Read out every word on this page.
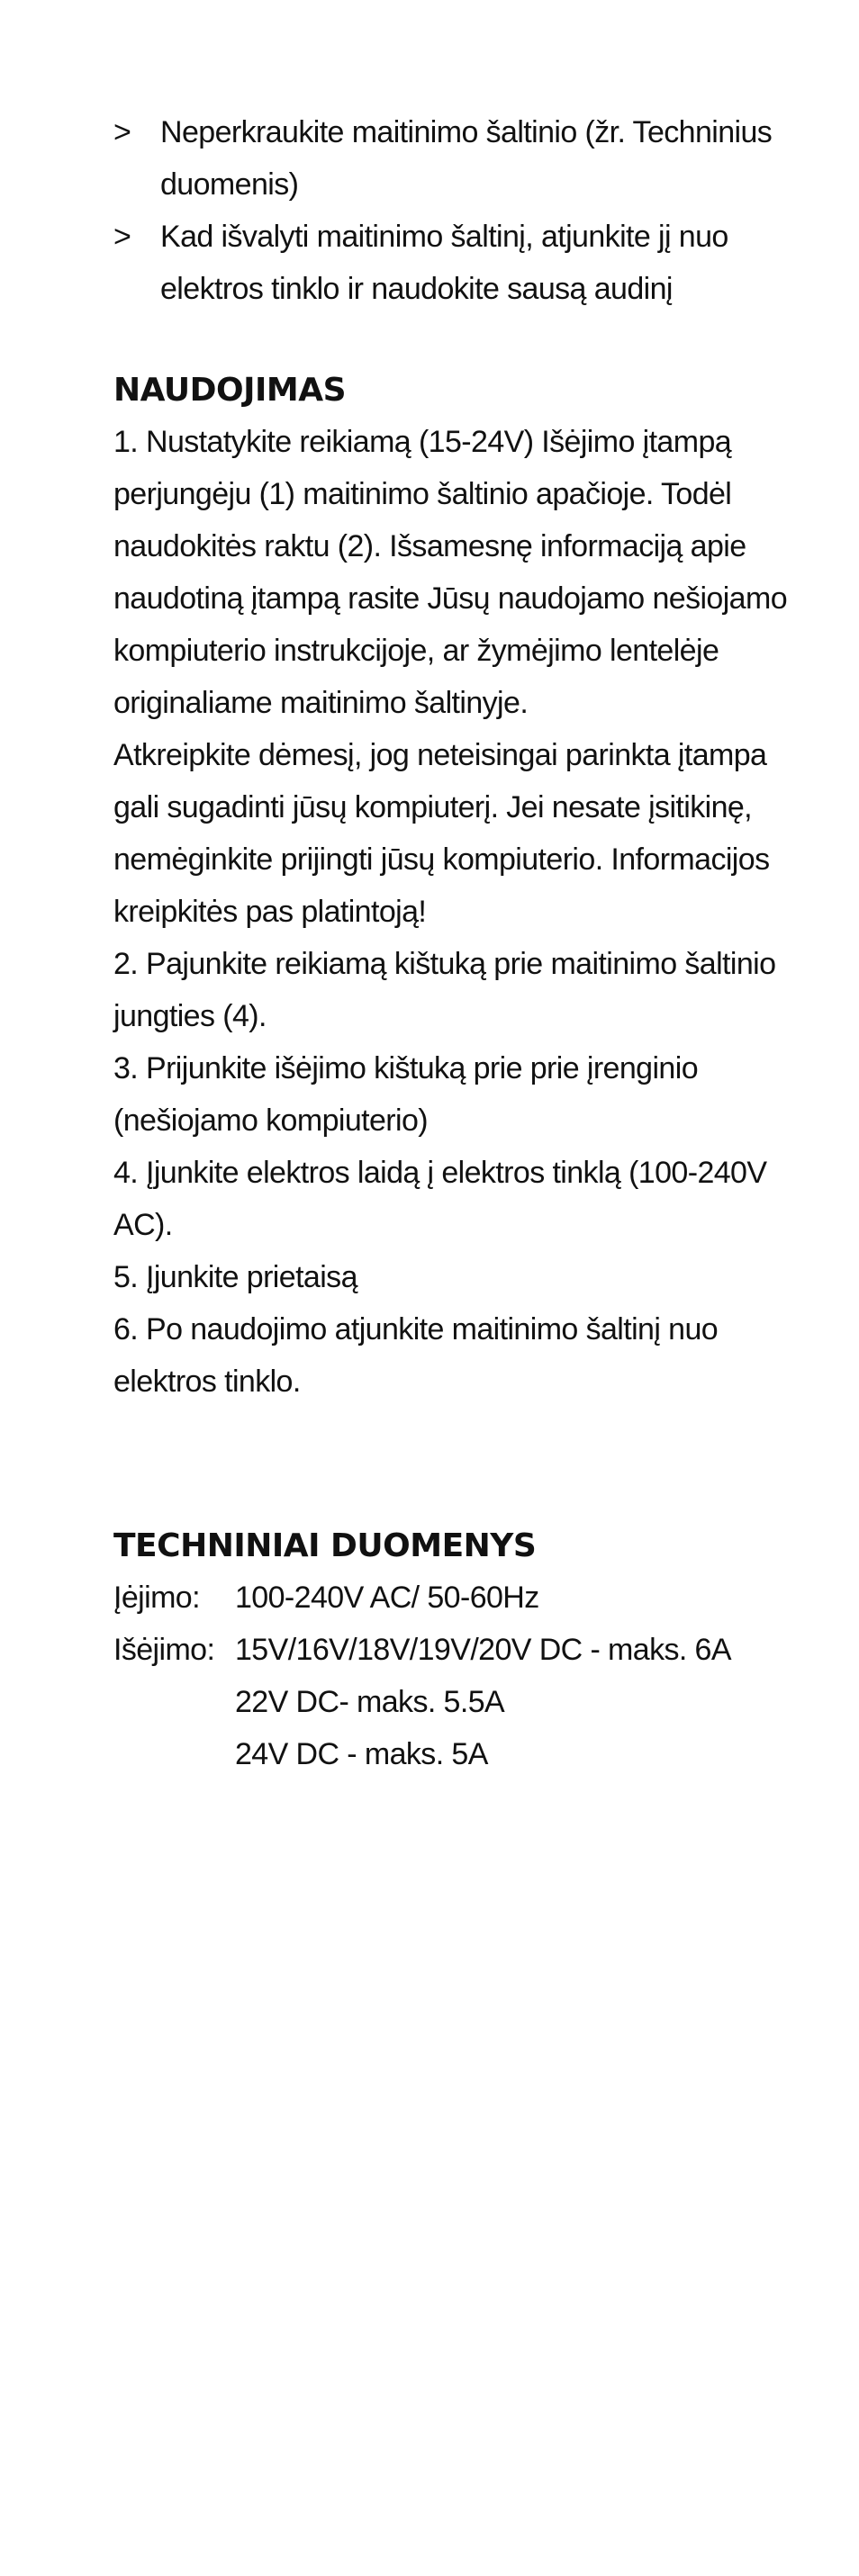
> Neperkraukite maitinimo šaltinio (žr. Techninius duomenis)
> Kad išvalyti maitinimo šaltinį, atjunkite jį nuo elektros tinklo ir naudokite sausą audinį
NAUDOJIMAS
1. Nustatykite reikiamą (15-24V) Išėjimo įtampą perjungėju (1) maitinimo šaltinio apačioje. Todėl naudokitės raktu (2). Išsamesnę informaciją apie naudotiną įtampą rasite Jūsų naudojamo nešiojamo kompiuterio instrukcijoje, ar žymėjimo lentelėje originaliame maitinimo šaltinyje.
Atkreipkite dėmesį, jog neteisingai parinkta įtampa gali sugadinti jūsų kompiuterį. Jei nesate įsitikinę, nemėginkite prijingti jūsų kompiuterio. Informacijos kreipkitės pas platintoją!
2. Pajunkite reikiamą kištuką prie maitinimo šaltinio jungties (4).
3. Prijunkite išėjimo kištuką prie prie įrenginio (nešiojamo kompiuterio)
4. Įjunkite elektros laidą į elektros tinklą (100-240V AC).
5. Įjunkite prietaisą
6. Po naudojimo atjunkite maitinimo šaltinį nuo elektros tinklo.
TECHNINIAI DUOMENYS
Įėjimo: 100-240V AC/ 50-60Hz
Išėjimo: 15V/16V/18V/19V/20V DC - maks. 6A
22V DC- maks. 5.5A
24V DC - maks. 5A
